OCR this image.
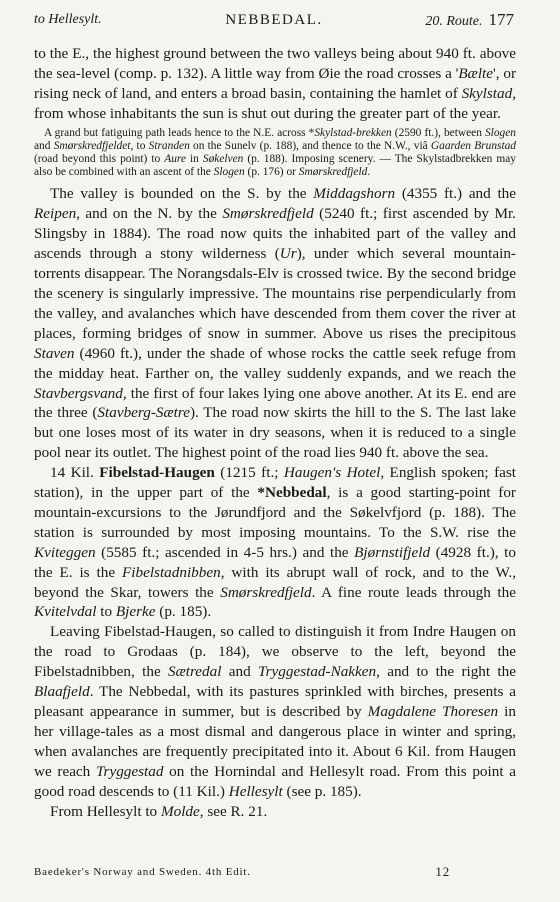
to Hellesylt.	NEBBEDAL.	20. Route. 177

to the E., the highest ground between the two valleys being about 940 ft. above the sea-level (comp. p. 132). A little way from Øie the road crosses a 'Bælte', or rising neck of land, and enters a broad basin, containing the hamlet of Skylstad, from whose inhabitants the sun is shut out during the greater part of the year.

A grand but fatiguing path leads hence to the N.E. across *Skylstad-brekken (2590 ft.), between Slogen and Smørskredfjeldet, to Stranden on the Sunelv (p. 188), and thence to the N.W., viâ Gaarden Brunstad (road beyond this point) to Aure in Søkelven (p. 188). Imposing scenery. — The Skylstadbrekken may also be combined with an ascent of the Slogen (p. 176) or Smørskredfjeld.

The valley is bounded on the S. by the Middagshorn (4355 ft.) and the Reipen, and on the N. by the Smørskredfjeld (5240 ft.; first ascended by Mr. Slingsby in 1884). The road now quits the inhabited part of the valley and ascends through a stony wilderness (Ur), under which several mountain-torrents disappear. The Norangsdals-Elv is crossed twice. By the second bridge the scenery is singularly impressive. The mountains rise perpendicularly from the valley, and avalanches which have descended from them cover the river at places, forming bridges of snow in summer. Above us rises the precipitous Staven (4960 ft.), under the shade of whose rocks the cattle seek refuge from the midday heat. Farther on, the valley suddenly expands, and we reach the Stavbergsvand, the first of four lakes lying one above another. At its E. end are the three (Stavberg-Sætre). The road now skirts the hill to the S. The last lake but one loses most of its water in dry seasons, when it is reduced to a single pool near its outlet. The highest point of the road lies 940 ft. above the sea.

14 Kil. Fibelstad-Haugen (1215 ft.; Haugen's Hotel, English spoken; fast station), in the upper part of the *Nebbedal, is a good starting-point for mountain-excursions to the Jørundfjord and the Søkelvfjord (p. 188). The station is surrounded by most imposing mountains. To the S.W. rise the Kviteggen (5585 ft.; ascended in 4-5 hrs.) and the Bjørnstifjeld (4928 ft.), to the E. is the Fibelstadnibben, with its abrupt wall of rock, and to the W., beyond the Skar, towers the Smørskredfjeld. A fine route leads through the Kvitelvdal to Bjerke (p. 185).

Leaving Fibelstad-Haugen, so called to distinguish it from Indre Haugen on the road to Grodaas (p. 184), we observe to the left, beyond the Fibelstadnibben, the Sætredal and Tryggestad-Nakken, and to the right the Blaafjeld. The Nebbedal, with its pastures sprinkled with birches, presents a pleasant appearance in summer, but is described by Magdalene Thoresen in her village-tales as a most dismal and dangerous place in winter and spring, when avalanches are frequently precipitated into it. About 6 Kil. from Haugen we reach Tryggestad on the Hornindal and Hellesylt road. From this point a good road descends to (11 Kil.) Hellesylt (see p. 185).

From Hellesylt to Molde, see R. 21.

Baedeker's Norway and Sweden. 4th Edit.	12
